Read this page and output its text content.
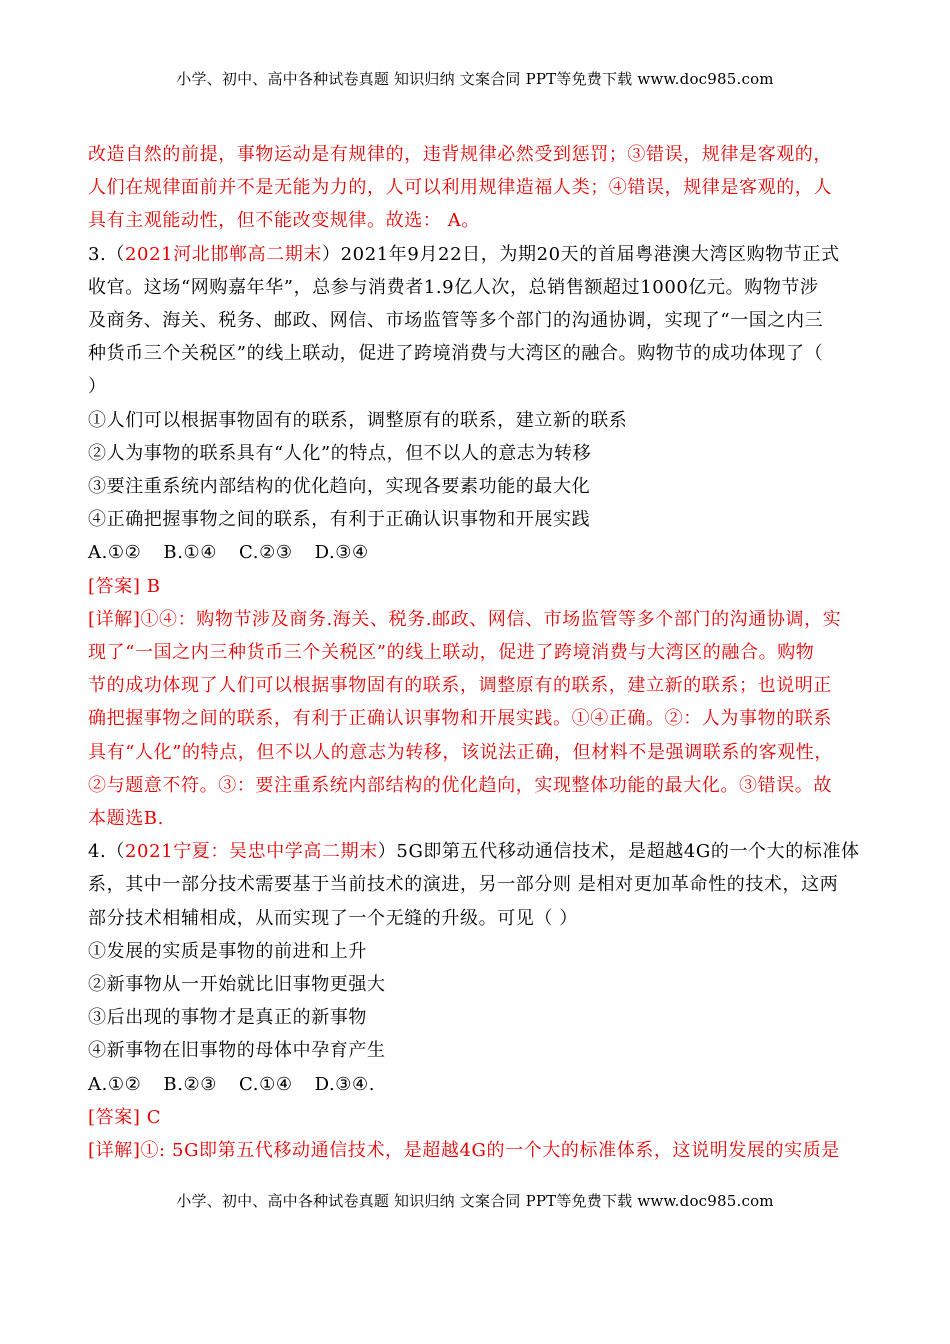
小学、初中、高中各种试卷真题 知识归纳 文案合同 PPT等免费下载 www.doc985.com
改造自然的前提，事物运动是有规律的，违背规律必然受到惩罚；③错误，规律是客观的，
人们在规律面前并不是无能为力的，人可以利用规律造福人类；④错误，规律是客观的，人
具有主观能动性，但不能改变规律。故选： A。
3.（2021河北邯郸高二期末）2021年9月22日，为期20天的首届粤港澳大湾区购物节正式
收官。这场“网购嘉年华”，总参与消费者1.9亿人次，总销售额超过1000亿元。购物节涉
及商务、海关、税务、邮政、网信、市场监管等多个部门的沟通协调，实现了“一国之内三
种货币三个关税区”的线上联动，促进了跨境消费与大湾区的融合。购物节的成功体现了（
）
①人们可以根据事物固有的联系，调整原有的联系，建立新的联系
②人为事物的联系具有“人化”的特点，但不以人的意志为转移
③要注重系统内部结构的优化趋向，实现各要素功能的最大化
④正确把握事物之间的联系，有利于正确认识事物和开展实践
A.①② B.①④ C.②③ D.③④
[答案] B
[详解]①④：购物节涉及商务.海关、税务.邮政、网信、市场监管等多个部门的沟通协调，实
现了“一国之内三种货币三个关税区”的线上联动，促进了跨境消费与大湾区的融合。购物
节的成功体现了人们可以根据事物固有的联系，调整原有的联系，建立新的联系；也说明正
确把握事物之间的联系，有利于正确认识事物和开展实践。①④正确。②：人为事物的联系
具有“人化”的特点，但不以人的意志为转移，该说法正确，但材料不是强调联系的客观性，
②与题意不符。③：要注重系统内部结构的优化趋向，实现整体功能的最大化。③错误。故
本题选B.
4.（2021宁夏：吴忠中学高二期末）5G即第五代移动通信技术，是超越4G的一个大的标准体
系，其中一部分技术需要基于当前技术的演进，另一部分则 是相对更加革命性的技术，这两
部分技术相辅相成，从而实现了一个无缝的升级。可见（ ）
①发展的实质是事物的前进和上升
②新事物从一开始就比旧事物更强大
③后出现的事物才是真正的新事物
④新事物在旧事物的母体中孕育产生
A.①② B.②③ C.①④ D.③④.
[答案] C
[详解]①: 5G即第五代移动通信技术，是超越4G的一个大的标准体系，这说明发展的实质是
小学、初中、高中各种试卷真题 知识归纳 文案合同 PPT等免费下载 www.doc985.com
